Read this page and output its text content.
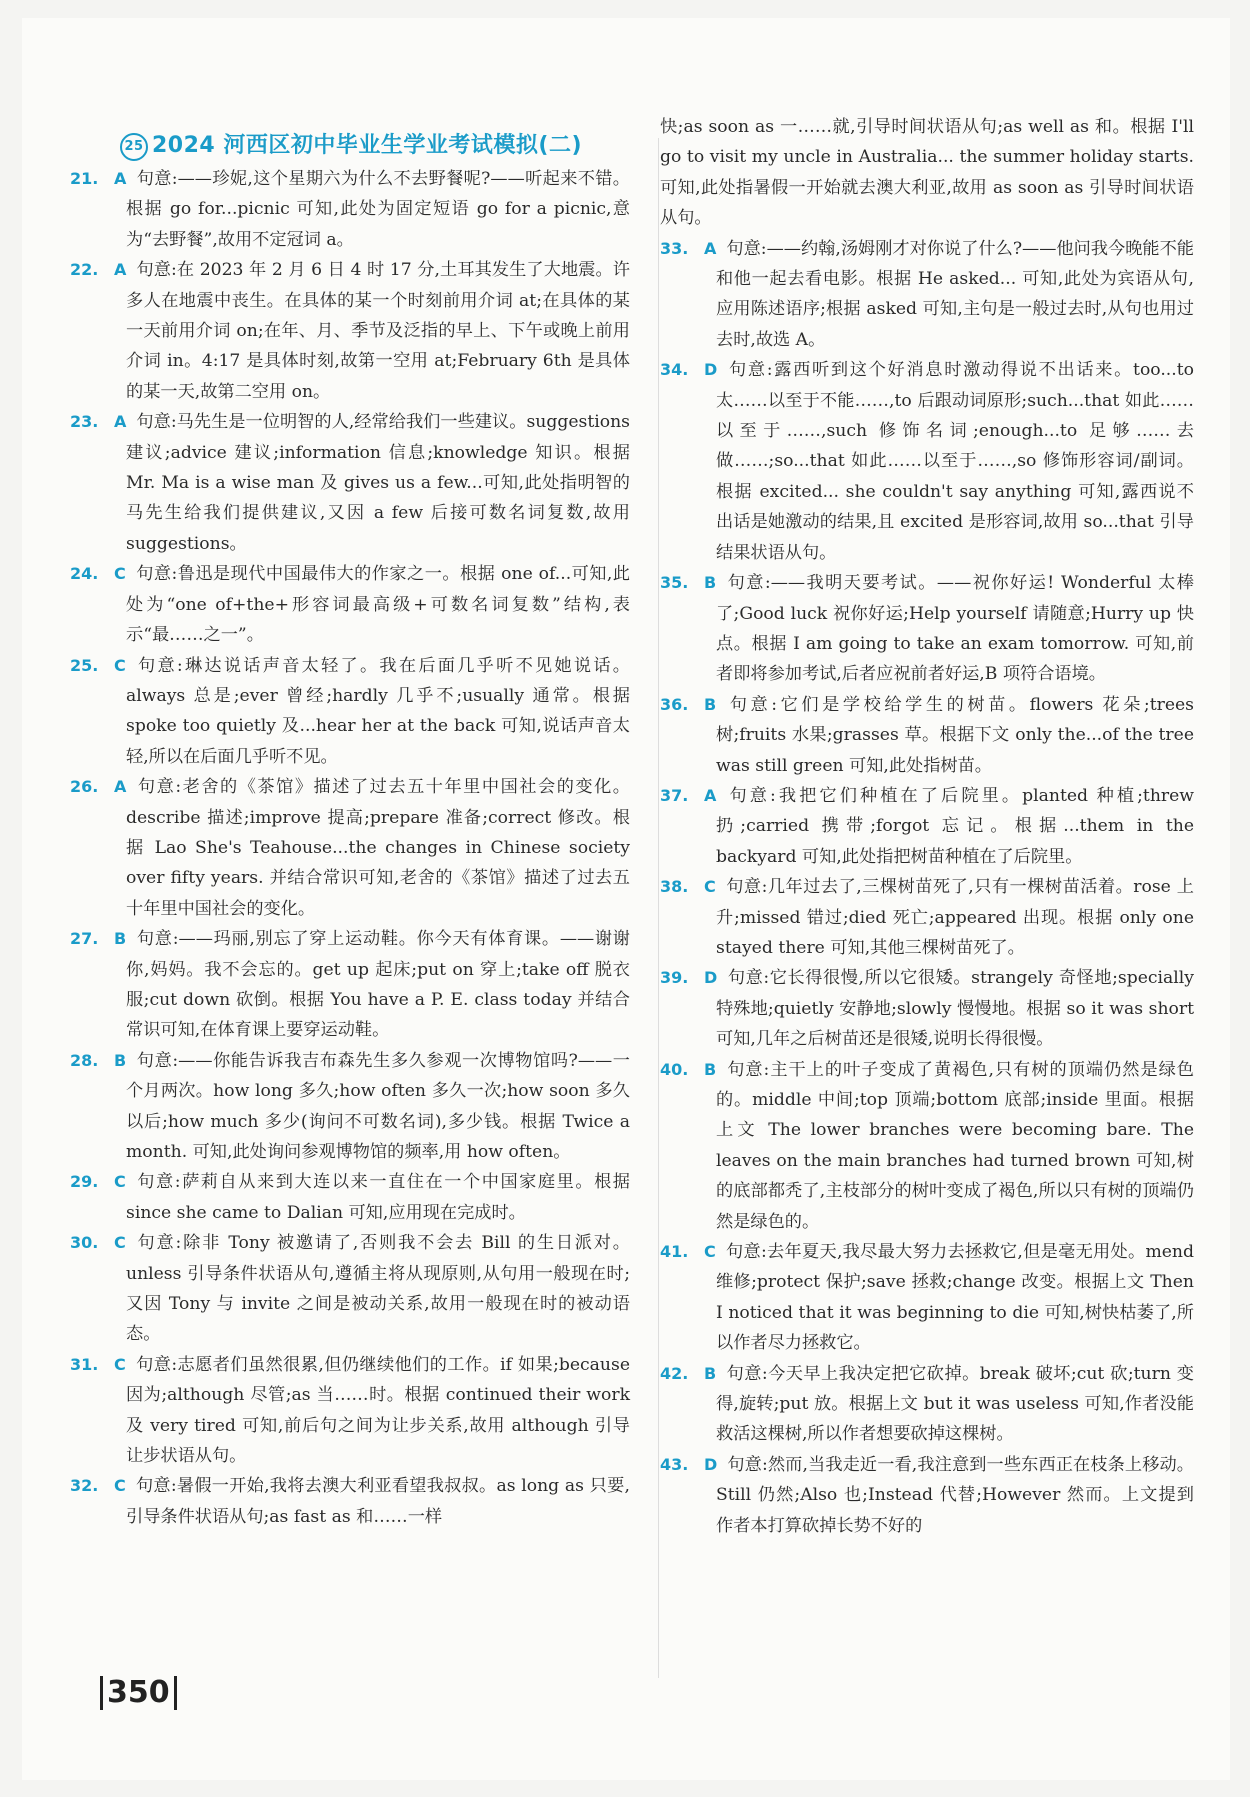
25 2024 河西区初中毕业生学业考试模拟(二)
21. A 句意:——珍妮,这个星期六为什么不去野餐呢?——听起来不错。根据 go for...picnic 可知,此处为固定短语 go for a picnic,意为“去野餐”,故用不定冠词 a。
22. A 句意:在 2023 年 2 月 6 日 4 时 17 分,土耳其发生了大地震。许多人在地震中丧生。在具体的某一个时刻前用介词 at;在具体的某一天前用介词 on;在年、月、季节及泛指的早上、下午或晚上前用介词 in。4:17 是具体时刻,故第一空用 at;February 6th 是具体的某一天,故第二空用 on。
23. A 句意:马先生是一位明智的人,经常给我们一些建议。suggestions 建议;advice 建议;information 信息;knowledge 知识。根据 Mr. Ma is a wise man 及 gives us a few...可知,此处指明智的马先生给我们提供建议,又因 a few 后接可数名词复数,故用 suggestions。
24. C 句意:鲁迅是现代中国最伟大的作家之一。根据 one of...可知,此处为“one of+the+形容词最高级+可数名词复数”结构,表示“最……之一”。
25. C 句意:琳达说话声音太轻了。我在后面几乎听不见她说话。always 总是;ever 曾经;hardly 几乎不;usually 通常。根据 spoke too quietly 及...hear her at the back 可知,说话声音太轻,所以在后面几乎听不见。
26. A 句意:老舍的《茶馆》描述了过去五十年里中国社会的变化。describe 描述;improve 提高;prepare 准备;correct 修改。根据 Lao She's Teahouse...the changes in Chinese society over fifty years. 并结合常识可知,老舍的《茶馆》描述了过去五十年里中国社会的变化。
27. B 句意:——玛丽,别忘了穿上运动鞋。你今天有体育课。——谢谢你,妈妈。我不会忘的。get up 起床;put on 穿上;take off 脱衣服;cut down 砍倒。根据 You have a P. E. class today 并结合常识可知,在体育课上要穿运动鞋。
28. B 句意:——你能告诉我吉布森先生多久参观一次博物馆吗?——一个月两次。how long 多久;how often 多久一次;how soon 多久以后;how much 多少(询问不可数名词),多少钱。根据 Twice a month. 可知,此处询问参观博物馆的频率,用 how often。
29. C 句意:萨莉自从来到大连以来一直住在一个中国家庭里。根据 since she came to Dalian 可知,应用现在完成时。
30. C 句意:除非 Tony 被邀请了,否则我不会去 Bill 的生日派对。unless 引导条件状语从句,遵循主将从现原则,从句用一般现在时;又因 Tony 与 invite 之间是被动关系,故用一般现在时的被动语态。
31. C 句意:志愿者们虽然很累,但仍继续他们的工作。if 如果;because 因为;although 尽管;as 当……时。根据 continued their work 及 very tired 可知,前后句之间为让步关系,故用 although 引导让步状语从句。
32. C 句意:暑假一开始,我将去澳大利亚看望我叔叔。as long as 只要,引导条件状语从句;as fast as 和……一样
快;as soon as 一……就,引导时间状语从句;as well as 和。根据 I'll go to visit my uncle in Australia... the summer holiday starts. 可知,此处指暑假一开始就去澳大利亚,故用 as soon as 引导时间状语从句。
33. A 句意:——约翰,汤姆刚才对你说了什么?——他问我今晚能不能和他一起去看电影。根据 He asked... 可知,此处为宾语从句,应用陈述语序;根据 asked 可知,主句是一般过去时,从句也用过去时,故选 A。
34. D 句意:露西听到这个好消息时激动得说不出话来。too...to 太……以至于不能……,to 后跟动词原形;such...that 如此……以至于……,such 修饰名词;enough...to 足够……去做……;so...that 如此……以至于……,so 修饰形容词/副词。根据 excited... she couldn't say anything 可知,露西说不出话是她激动的结果,且 excited 是形容词,故用 so...that 引导结果状语从句。
35. B 句意:——我明天要考试。——祝你好运! Wonderful 太棒了;Good luck 祝你好运;Help yourself 请随意;Hurry up 快点。根据 I am going to take an exam tomorrow. 可知,前者即将参加考试,后者应祝前者好运,B 项符合语境。
36. B 句意:它们是学校给学生的树苗。flowers 花朵;trees 树;fruits 水果;grasses 草。根据下文 only the...of the tree was still green 可知,此处指树苗。
37. A 句意:我把它们种植在了后院里。planted 种植;threw 扔;carried 携带;forgot 忘记。根据...them in the backyard 可知,此处指把树苗种植在了后院里。
38. C 句意:几年过去了,三棵树苗死了,只有一棵树苗活着。rose 上升;missed 错过;died 死亡;appeared 出现。根据 only one stayed there 可知,其他三棵树苗死了。
39. D 句意:它长得很慢,所以它很矮。strangely 奇怪地;specially 特殊地;quietly 安静地;slowly 慢慢地。根据 so it was short 可知,几年之后树苗还是很矮,说明长得很慢。
40. B 句意:主干上的叶子变成了黄褐色,只有树的顶端仍然是绿色的。middle 中间;top 顶端;bottom 底部;inside 里面。根据上文 The lower branches were becoming bare. The leaves on the main branches had turned brown 可知,树的底部都秃了,主枝部分的树叶变成了褐色,所以只有树的顶端仍然是绿色的。
41. C 句意:去年夏天,我尽最大努力去拯救它,但是毫无用处。mend 维修;protect 保护;save 拯救;change 改变。根据上文 Then I noticed that it was beginning to die 可知,树快枯萎了,所以作者尽力拯救它。
42. B 句意:今天早上我决定把它砍掉。break 破坏;cut 砍;turn 变得,旋转;put 放。根据上文 but it was useless 可知,作者没能救活这棵树,所以作者想要砍掉这棵树。
43. D 句意:然而,当我走近一看,我注意到一些东西正在枝条上移动。Still 仍然;Also 也;Instead 代替;However 然而。上文提到作者本打算砍掉长势不好的
350
